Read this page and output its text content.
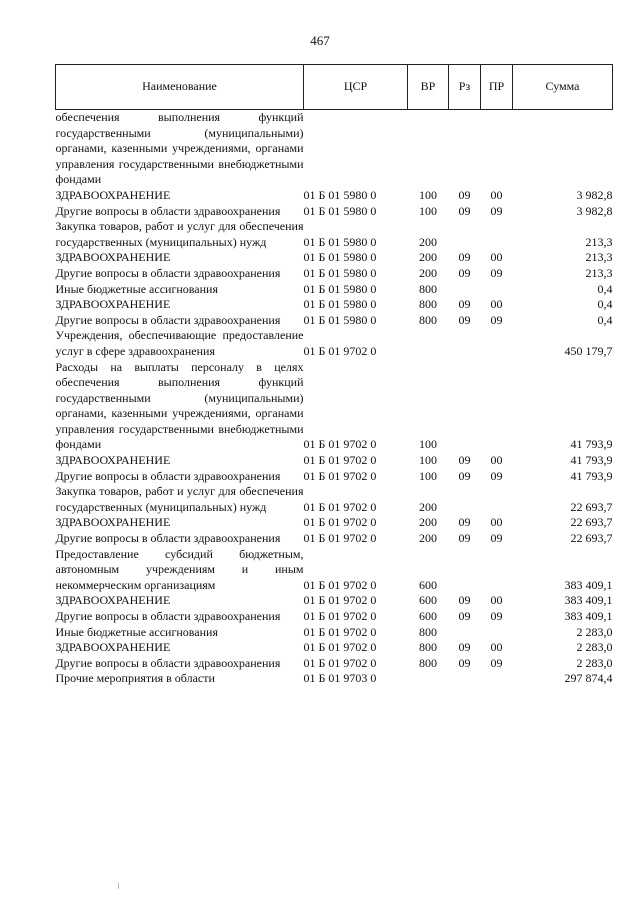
467
Наименование	ЦСР	ВР	Рз	ПР	Сумма
обеспечения выполнения функций государственными (муниципальными) органами, казенными учреждениями, органами управления государственными внебюджетными фондами					
ЗДРАВООХРАНЕНИЕ	01 Б 01 5980 0	100	09	00	3 982,8
Другие вопросы в области здравоохранения	01 Б 01 5980 0	100	09	09	3 982,8
Закупка товаров, работ и услуг для обеспечения государственных (муниципальных) нужд	01 Б 01 5980 0	200			213,3
ЗДРАВООХРАНЕНИЕ	01 Б 01 5980 0	200	09	00	213,3
Другие вопросы в области здравоохранения	01 Б 01 5980 0	200	09	09	213,3
Иные бюджетные ассигнования	01 Б 01 5980 0	800			0,4
ЗДРАВООХРАНЕНИЕ	01 Б 01 5980 0	800	09	00	0,4
Другие вопросы в области здравоохранения	01 Б 01 5980 0	800	09	09	0,4
Учреждения, обеспечивающие предоставление услуг в сфере здравоохранения	01 Б 01 9702 0				450 179,7
Расходы на выплаты персоналу в целях обеспечения выполнения функций государственными (муниципальными) органами, казенными учреждениями, органами управления государственными внебюджетными фондами	01 Б 01 9702 0	100			41 793,9
ЗДРАВООХРАНЕНИЕ	01 Б 01 9702 0	100	09	00	41 793,9
Другие вопросы в области здравоохранения	01 Б 01 9702 0	100	09	09	41 793,9
Закупка товаров, работ и услуг для обеспечения государственных (муниципальных) нужд	01 Б 01 9702 0	200			22 693,7
ЗДРАВООХРАНЕНИЕ	01 Б 01 9702 0	200	09	00	22 693,7
Другие вопросы в области здравоохранения	01 Б 01 9702 0	200	09	09	22 693,7
Предоставление субсидий бюджетным, автономным учреждениям и иным некоммерческим организациям	01 Б 01 9702 0	600			383 409,1
ЗДРАВООХРАНЕНИЕ	01 Б 01 9702 0	600	09	00	383 409,1
Другие вопросы в области здравоохранения	01 Б 01 9702 0	600	09	09	383 409,1
Иные бюджетные ассигнования	01 Б 01 9702 0	800			2 283,0
ЗДРАВООХРАНЕНИЕ	01 Б 01 9702 0	800	09	00	2 283,0
Другие вопросы в области здравоохранения	01 Б 01 9702 0	800	09	09	2 283,0
Прочие мероприятия в области	01 Б 01 9703 0				297 874,4
